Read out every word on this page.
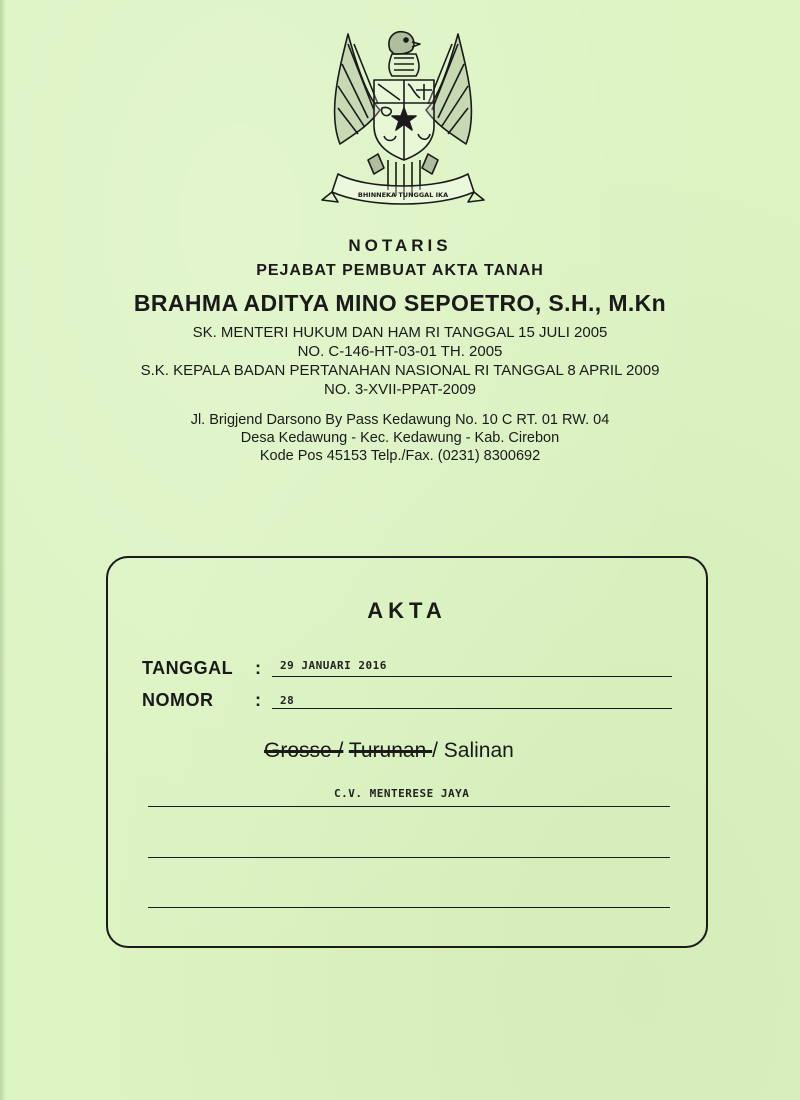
BHINNEKA TUNGGAL IKA
NOTARIS
PEJABAT PEMBUAT AKTA TANAH
BRAHMA ADITYA MINO SEPOETRO, S.H., M.Kn
SK. MENTERI HUKUM DAN HAM RI TANGGAL 15 JULI 2005
NO. C-146-HT-03-01 TH. 2005
S.K. KEPALA BADAN PERTANAHAN NASIONAL RI TANGGAL 8 APRIL 2009
NO. 3-XVII-PPAT-2009
Jl. Brigjend Darsono By Pass Kedawung No. 10 C RT. 01 RW. 04
Desa Kedawung - Kec. Kedawung - Kab. Cirebon
Kode Pos 45153 Telp./Fax. (0231) 8300692
AKTA
TANGGAL : 29 JANUARI 2016
NOMOR : 28
Grosse / Turunan / Salinan
C.V. MENTERESE JAYA
